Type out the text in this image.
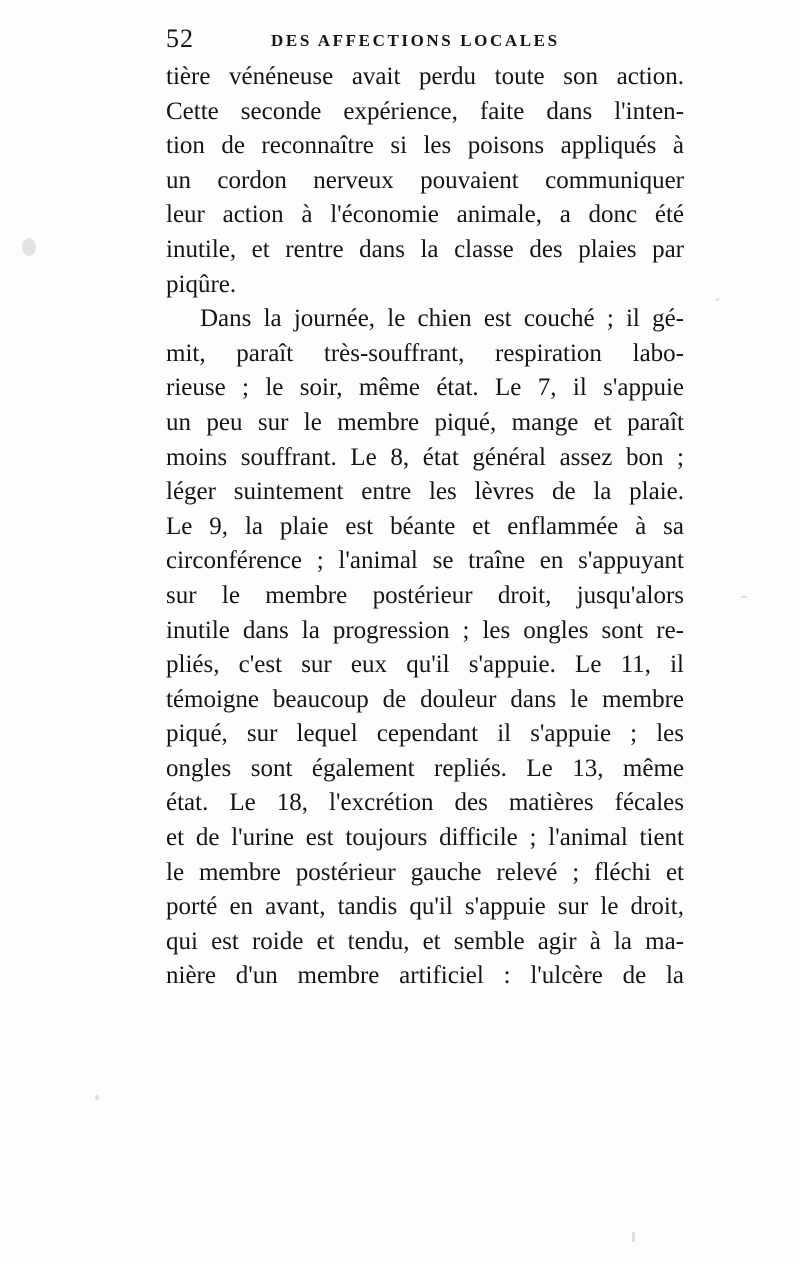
52	DES AFFECTIONS LOCALES
tière vénéneuse avait perdu toute son action.
Cette seconde expérience, faite dans l'inten-
tion de reconnaître si les poisons appliqués à
un cordon nerveux pouvaient communiquer
leur action à l'économie animale, a donc été
inutile, et rentre dans la classe des plaies par
piqûre.
Dans la journée, le chien est couché ; il gé-
mit, paraît très-souffrant, respiration labo-
rieuse ; le soir, même état. Le 7, il s'appuie
un peu sur le membre piqué, mange et paraît
moins souffrant. Le 8, état général assez bon ;
léger suintement entre les lèvres de la plaie.
Le 9, la plaie est béante et enflammée à sa
circonférence ; l'animal se traîne en s'appuyant
sur le membre postérieur droit, jusqu'alors
inutile dans la progression ; les ongles sont re-
pliés, c'est sur eux qu'il s'appuie. Le 11, il
témoigne beaucoup de douleur dans le membre
piqué, sur lequel cependant il s'appuie ; les
ongles sont également repliés. Le 13, même
état. Le 18, l'excrétion des matières fécales
et de l'urine est toujours difficile ; l'animal tient
le membre postérieur gauche relevé ; fléchi et
porté en avant, tandis qu'il s'appuie sur le droit,
qui est roide et tendu, et semble agir à la ma-
nière d'un membre artificiel : l'ulcère de la
